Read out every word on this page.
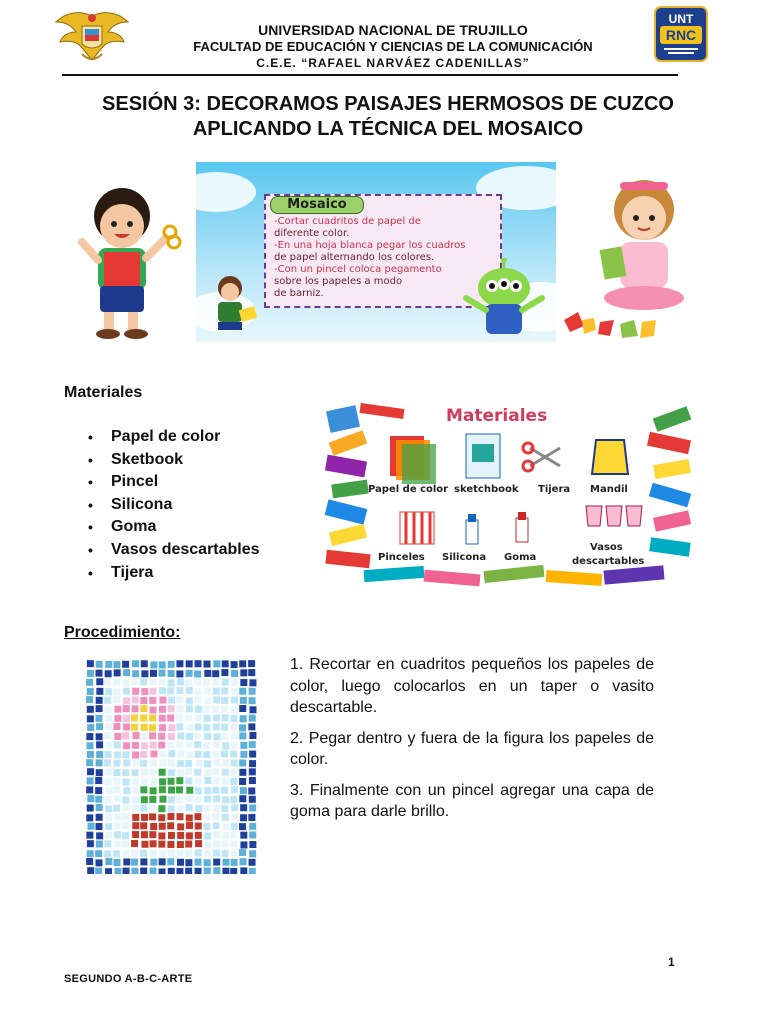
UNIVERSIDAD NACIONAL DE TRUJILLO
FACULTAD DE EDUCACIÓN Y CIENCIAS DE LA COMUNICACIÓN
C.E.E. “RAFAEL NARVÁEZ CADENILLAS”
UNT
RNC
SESIÓN 3: DECORAMOS PAISAJES HERMOSOS DE CUZCO
APLICANDO LA TÉCNICA DEL MOSAICO
Mosaico
-Cortar cuadritos de papel de
diferente color.
-En una hoja blanca pegar los cuadros
de papel alternando los colores.
-Con un pincel coloca pegamento
sobre los papeles a modo
de barniz.
Materiales
• Papel de color
• Sketbook
• Pincel
• Silicona
• Goma
• Vasos descartables
• Tijera
Materiales
Papel de color sketchbook Tijera Mandil
Pinceles Silicona Goma
Vasos
descartables
Procedimiento:

1. Recortar en cuadritos pequeños los papeles de color, luego colocarlos en un taper o vasito descartable.

2. Pegar dentro y fuera de la figura los papeles de color.

3. Finalmente con un pincel agregar una capa de goma para darle brillo.

1
SEGUNDO A-B-C-ARTE
